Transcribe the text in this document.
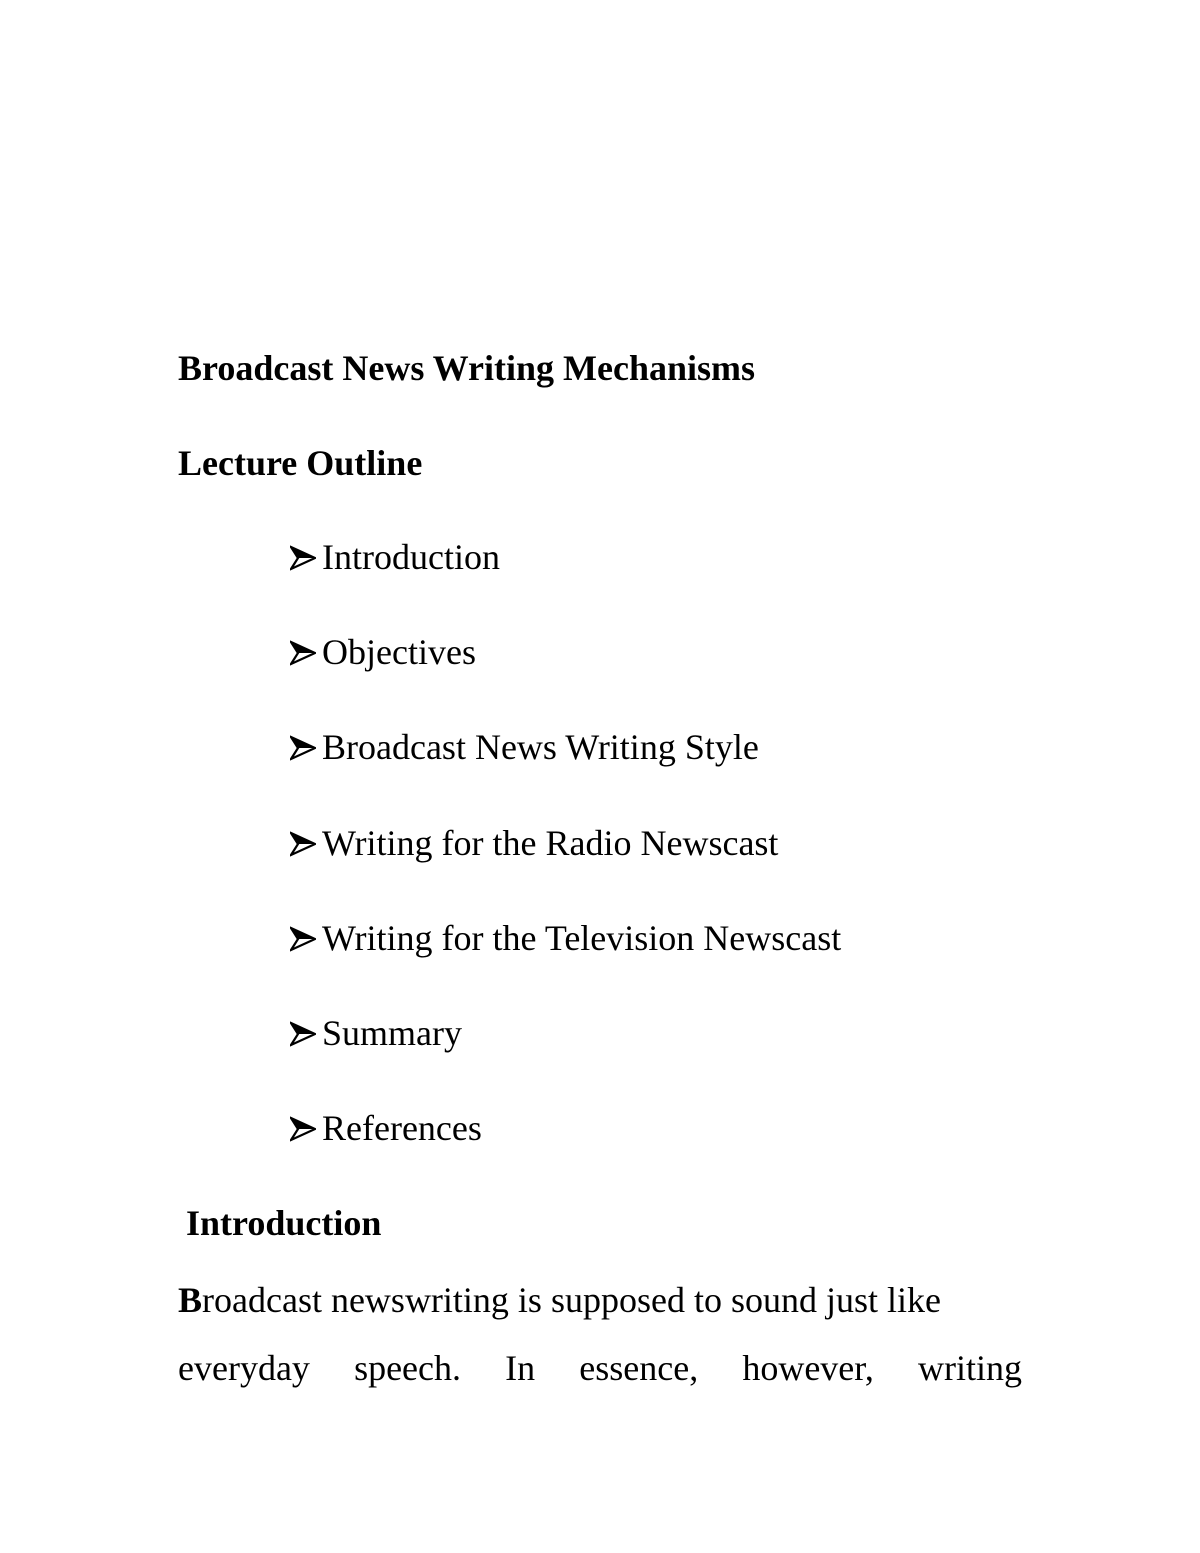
Broadcast News Writing Mechanisms
Lecture Outline
Introduction
Objectives
Broadcast News Writing Style
Writing for the Radio Newscast
Writing for the Television Newscast
Summary
References
Introduction
Broadcast newswriting is supposed to sound just like
everyday speech. In essence, however, writing
